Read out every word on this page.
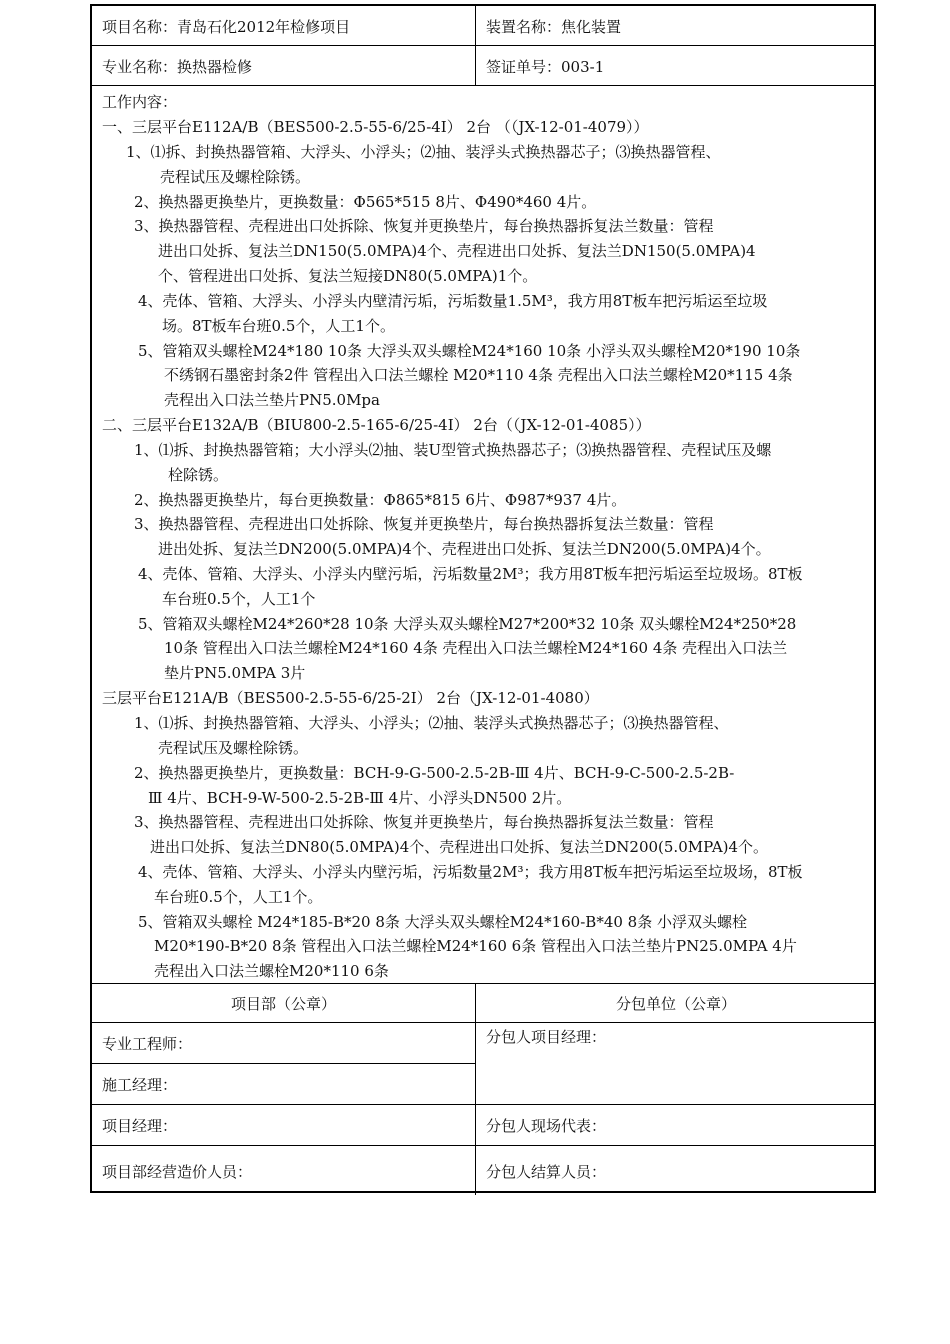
项目名称：青岛石化2012年检修项目	装置名称：焦化装置
专业名称：换热器检修	签证单号：003-1
工作内容：
一、三层平台E112A/B（BES500-2.5-55-6/25-4Ⅰ） 2台 （（JX-12-01-4079））
1、⑴拆、封换热器管箱、大浮头、小浮头；⑵抽、装浮头式换热器芯子；⑶换热器管程、
壳程试压及螺栓除锈。
2、换热器更换垫片，更换数量：Φ565*515 8片、Φ490*460 4片。
3、换热器管程、壳程进出口处拆除、恢复并更换垫片，每台换热器拆复法兰数量：管程
进出口处拆、复法兰DN150(5.0MPA)4个、壳程进出口处拆、复法兰DN150(5.0MPA)4
个、管程进出口处拆、复法兰短接DN80(5.0MPA)1个。
4、壳体、管箱、大浮头、小浮头内壁清污垢，污垢数量1.5M³，我方用8T板车把污垢运至垃圾
场。8T板车台班0.5个，人工1个。
5、管箱双头螺栓M24*180 10条 大浮头双头螺栓M24*160 10条 小浮头双头螺栓M20*190 10条
不绣钢石墨密封条2件 管程出入口法兰螺栓 M20*110 4条 壳程出入口法兰螺栓M20*115 4条
壳程出入口法兰垫片PN5.0Mpa
二、三层平台E132A/B（BIU800-2.5-165-6/25-4Ⅰ） 2台（（JX-12-01-4085））
1、⑴拆、封换热器管箱；大小浮头⑵抽、装U型管式换热器芯子；⑶换热器管程、壳程试压及螺
栓除锈。
2、换热器更换垫片，每台更换数量：Φ865*815 6片、Φ987*937 4片。
3、换热器管程、壳程进出口处拆除、恢复并更换垫片，每台换热器拆复法兰数量：管程
进出处拆、复法兰DN200(5.0MPA)4个、壳程进出口处拆、复法兰DN200(5.0MPA)4个。
4、壳体、管箱、大浮头、小浮头内壁污垢，污垢数量2M³；我方用8T板车把污垢运至垃圾场。8T板
车台班0.5个，人工1个
5、管箱双头螺栓M24*260*28 10条 大浮头双头螺栓M27*200*32 10条 双头螺栓M24*250*28
10条 管程出入口法兰螺栓M24*160 4条 壳程出入口法兰螺栓M24*160 4条 壳程出入口法兰
垫片PN5.0MPA 3片
三层平台E121A/B（BES500-2.5-55-6/25-2Ⅰ） 2台（JX-12-01-4080）
1、⑴拆、封换热器管箱、大浮头、小浮头；⑵抽、装浮头式换热器芯子；⑶换热器管程、
壳程试压及螺栓除锈。
2、换热器更换垫片，更换数量：BCH-9-G-500-2.5-2B-Ⅲ 4片、BCH-9-C-500-2.5-2B-
Ⅲ 4片、BCH-9-W-500-2.5-2B-Ⅲ 4片、小浮头DN500 2片。
3、换热器管程、壳程进出口处拆除、恢复并更换垫片，每台换热器拆复法兰数量：管程
进出口处拆、复法兰DN80(5.0MPA)4个、壳程进出口处拆、复法兰DN200(5.0MPA)4个。
4、壳体、管箱、大浮头、小浮头内壁污垢，污垢数量2M³；我方用8T板车把污垢运至垃圾场，8T板
车台班0.5个，人工1个。
5、管箱双头螺栓 M24*185-B*20 8条 大浮头双头螺栓M24*160-B*40 8条 小浮双头螺栓
M20*190-B*20 8条 管程出入口法兰螺栓M24*160 6条 管程出入口法兰垫片PN25.0MPA 4片
壳程出入口法兰螺栓M20*110 6条
项目部（公章）	分包单位（公章）
专业工程师：	分包人项目经理：
施工经理：
项目经理：	分包人现场代表：
项目部经营造价人员：	分包人结算人员：
